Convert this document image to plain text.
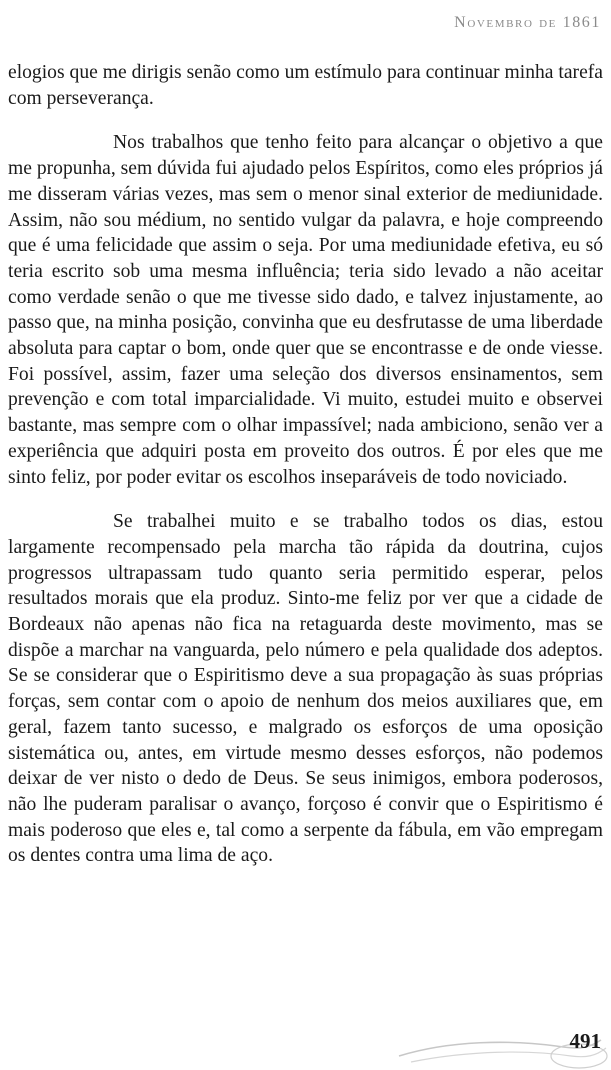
Novembro de 1861

elogios que me dirigis senão como um estímulo para continuar minha tarefa com perseverança.

Nos trabalhos que tenho feito para alcançar o objetivo a que me propunha, sem dúvida fui ajudado pelos Espíritos, como eles próprios já me disseram várias vezes, mas sem o menor sinal exterior de mediunidade. Assim, não sou médium, no sentido vulgar da palavra, e hoje compreendo que é uma felicidade que assim o seja. Por uma mediunidade efetiva, eu só teria escrito sob uma mesma influência; teria sido levado a não aceitar como verdade senão o que me tivesse sido dado, e talvez injustamente, ao passo que, na minha posição, convinha que eu desfrutasse de uma liberdade absoluta para captar o bom, onde quer que se encontrasse e de onde viesse. Foi possível, assim, fazer uma seleção dos diversos ensinamentos, sem prevenção e com total imparcialidade. Vi muito, estudei muito e observei bastante, mas sempre com o olhar impassível; nada ambiciono, senão ver a experiência que adquiri posta em proveito dos outros. É por eles que me sinto feliz, por poder evitar os escolhos inseparáveis de todo noviciado.

Se trabalhei muito e se trabalho todos os dias, estou largamente recompensado pela marcha tão rápida da doutrina, cujos progressos ultrapassam tudo quanto seria permitido esperar, pelos resultados morais que ela produz. Sinto-me feliz por ver que a cidade de Bordeaux não apenas não fica na retaguarda deste movimento, mas se dispõe a marchar na vanguarda, pelo número e pela qualidade dos adeptos. Se se considerar que o Espiritismo deve a sua propagação às suas próprias forças, sem contar com o apoio de nenhum dos meios auxiliares que, em geral, fazem tanto sucesso, e malgrado os esforços de uma oposição sistemática ou, antes, em virtude mesmo desses esforços, não podemos deixar de ver nisto o dedo de Deus. Se seus inimigos, embora poderosos, não lhe puderam paralisar o avanço, forçoso é convir que o Espiritismo é mais poderoso que eles e, tal como a serpente da fábula, em vão empregam os dentes contra uma lima de aço.

491
